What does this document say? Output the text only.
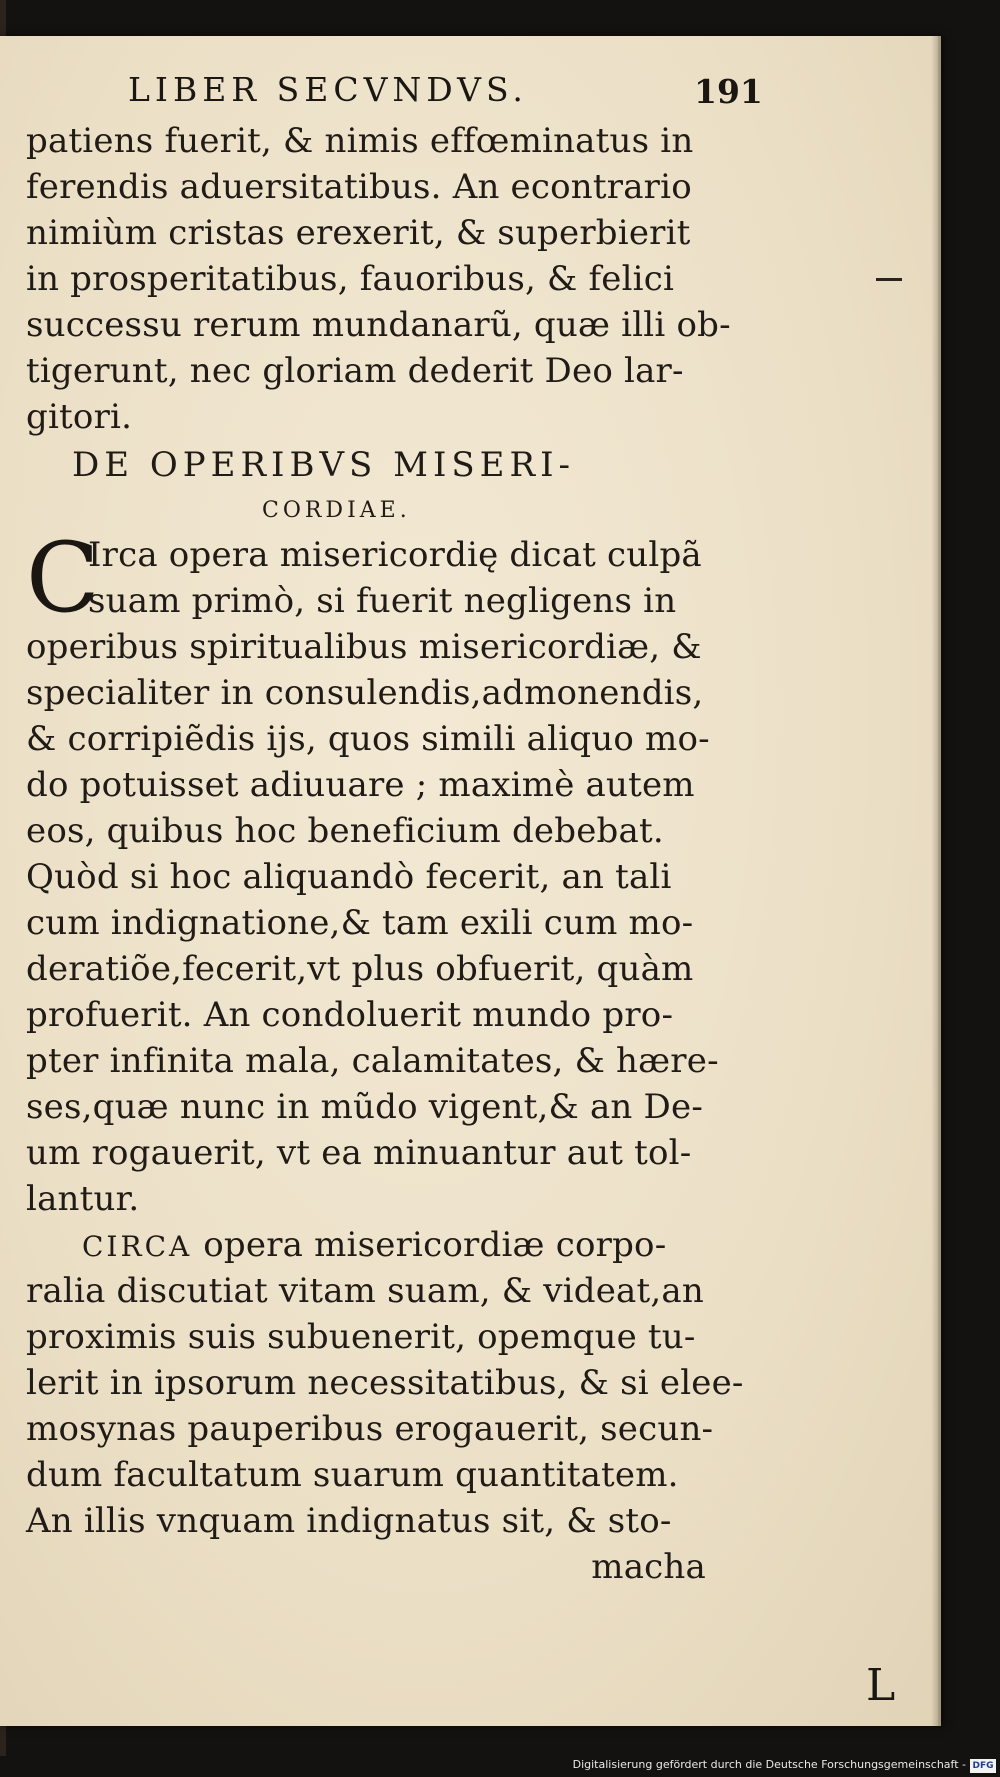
LIBER SECVNDVS.	191
patiens fuerit, & nimis effœminatus in
ferendis aduersitatibus. An econtrario
nimiùm cristas erexerit, & superbierit
in prosperitatibus, fauoribus, & felici
successu rerum mundanarũ, quæ illi ob-
tigerunt, nec gloriam dederit Deo lar-
gitori.
DE OPERIBVS MISERI-
CORDIAE.
C
Irca opera misericordię dicat culpã
suam primò, si fuerit negligens in
operibus spiritualibus misericordiæ, &
specialiter in consulendis,admonendis,
& corripiẽdis ijs, quos simili aliquo mo-
do potuisset adiuuare ; maximè autem
eos, quibus hoc beneficium debebat.
Quòd si hoc aliquandò fecerit, an tali
cum indignatione,& tam exili cum mo-
deratiõe,fecerit,vt plus obfuerit, quàm
profuerit. An condoluerit mundo pro-
pter infinita mala, calamitates, & hære-
ses,quæ nunc in mũdo vigent,& an De-
um rogauerit, vt ea minuantur aut tol-
lantur.
CIRCA opera misericordiæ corpo-
ralia discutiat vitam suam, & videat,an
proximis suis subuenerit, opemque tu-
lerit in ipsorum necessitatibus, & si elee-
mosynas pauperibus erogauerit, secun-
dum facultatum suarum quantitatem.
An illis vnquam indignatus sit, & sto-
macha
L
Digitalisierung gefördert durch die Deutsche Forschungsgemeinschaft - DFG
